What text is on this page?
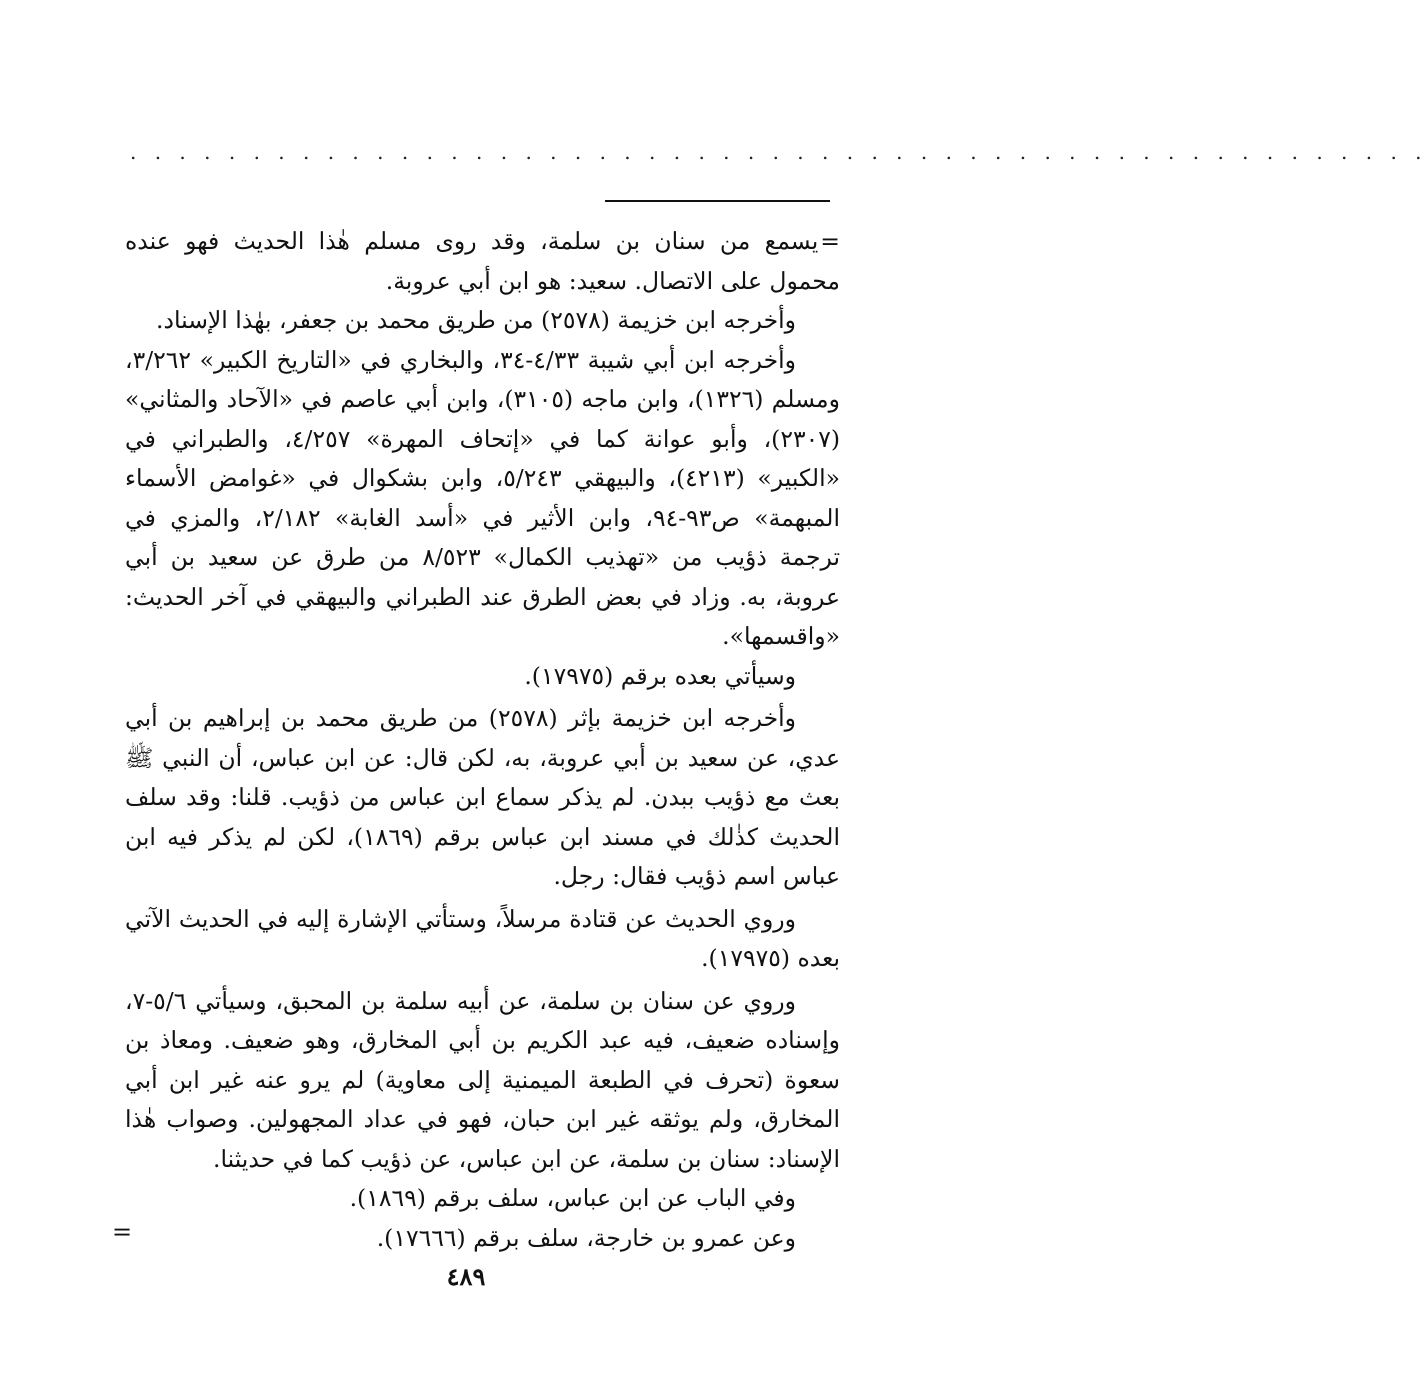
. . . . . . . . . . . . . . . . . . . . . . . . . . . . . . . . . . . . . . . . . . . . . . . . . . . . .

=يسمع من سنان بن سلمة، وقد روى مسلم هٰذا الحديث فهو عنده محمول على الاتصال. سعيد: هو ابن أبي عروبة.

وأخرجه ابن خزيمة (٢٥٧٨) من طريق محمد بن جعفر، بهٰذا الإسناد.

وأخرجه ابن أبي شيبة ٤/٣٣-٣٤، والبخاري في «التاريخ الكبير» ٣/٢٦٢، ومسلم (١٣٢٦)، وابن ماجه (٣١٠٥)، وابن أبي عاصم في «الآحاد والمثاني» (٢٣٠٧)، وأبو عوانة كما في «إتحاف المهرة» ٤/٢٥٧، والطبراني في «الكبير» (٤٢١٣)، والبيهقي ٥/٢٤٣، وابن بشكوال في «غوامض الأسماء المبهمة» ص٩٣-٩٤، وابن الأثير في «أسد الغابة» ٢/١٨٢، والمزي في ترجمة ذؤيب من «تهذيب الكمال» ٨/٥٢٣ من طرق عن سعيد بن أبي عروبة، به. وزاد في بعض الطرق عند الطبراني والبيهقي في آخر الحديث: «واقسمها».

وسيأتي بعده برقم (١٧٩٧٥).

وأخرجه ابن خزيمة بإثر (٢٥٧٨) من طريق محمد بن إبراهيم بن أبي عدي، عن سعيد بن أبي عروبة، به، لكن قال: عن ابن عباس، أن النبي ﷺ بعث مع ذؤيب ببدن. لم يذكر سماع ابن عباس من ذؤيب. قلنا: وقد سلف الحديث كذٰلك في مسند ابن عباس برقم (١٨٦٩)، لكن لم يذكر فيه ابن عباس اسم ذؤيب فقال: رجل.

وروي الحديث عن قتادة مرسلاً، وستأتي الإشارة إليه في الحديث الآتي بعده (١٧٩٧٥).

وروي عن سنان بن سلمة، عن أبيه سلمة بن المحبق، وسيأتي ٥/٦-٧، وإسناده ضعيف، فيه عبد الكريم بن أبي المخارق، وهو ضعيف. ومعاذ بن سعوة (تحرف في الطبعة الميمنية إلى معاوية) لم يرو عنه غير ابن أبي المخارق، ولم يوثقه غير ابن حبان، فهو في عداد المجهولين. وصواب هٰذا الإسناد: سنان بن سلمة، عن ابن عباس، عن ذؤيب كما في حديثنا.

وفي الباب عن ابن عباس، سلف برقم (١٨٦٩).

وعن عمرو بن خارجة، سلف برقم (١٧٦٦٦).

=
٤٨٩
